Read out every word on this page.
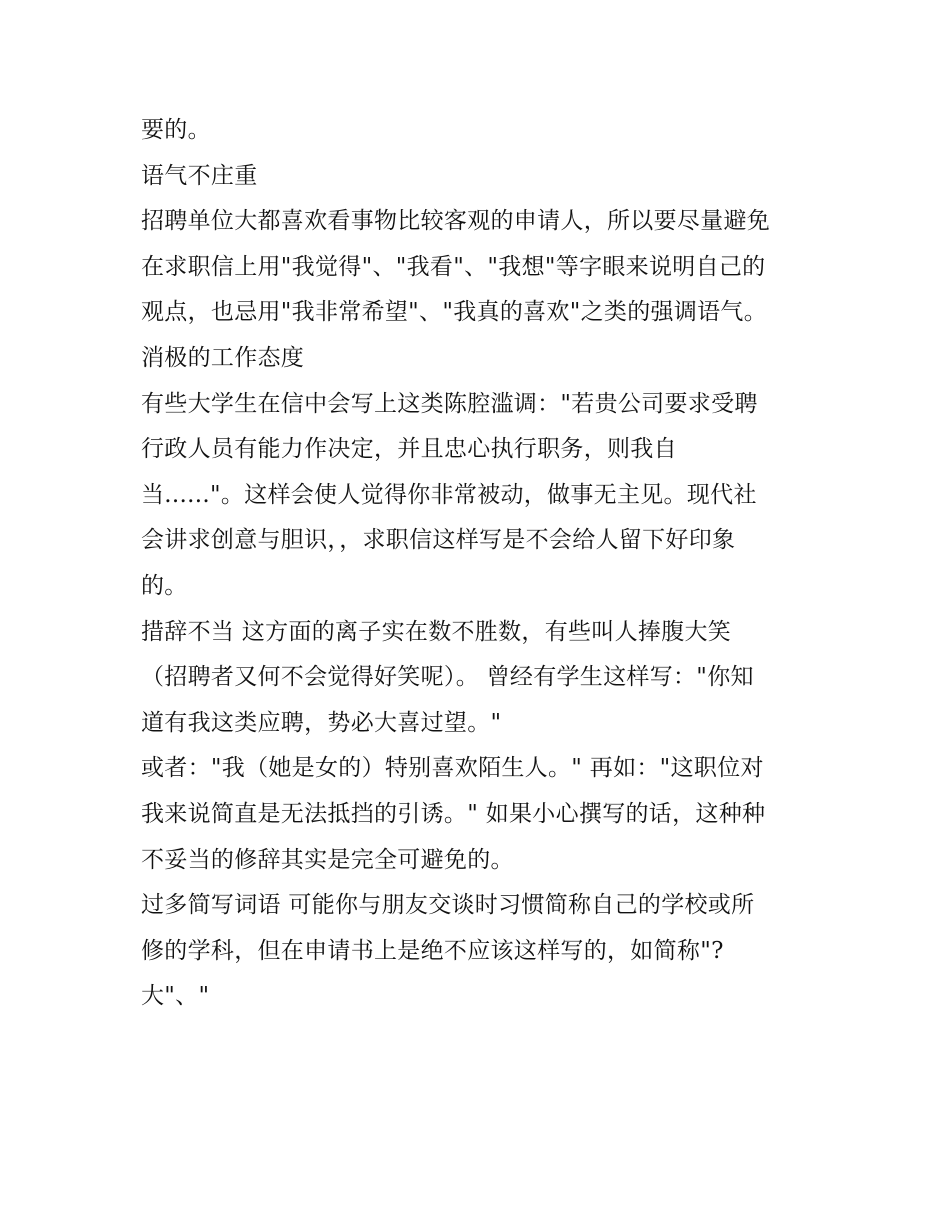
要的。
语气不庄重
招聘单位大都喜欢看事物比较客观的申请人，所以要尽量避免
在求职信上用"我觉得"、"我看"、"我想"等字眼来说明自己的
观点，也忌用"我非常希望"、"我真的喜欢"之类的强调语气。
消极的工作态度
有些大学生在信中会写上这类陈腔滥调："若贵公司要求受聘
行政人员有能力作决定，并且忠心执行职务，则我自
当......"。这样会使人觉得你非常被动，做事无主见。现代社
会讲求创意与胆识，，求职信这样写是不会给人留下好印象
的。
措辞不当 这方面的离子实在数不胜数，有些叫人捧腹大笑
（招聘者又何不会觉得好笑呢）。 曾经有学生这样写："你知
道有我这类应聘，势必大喜过望。"
或者："我（她是女的）特别喜欢陌生人。" 再如："这职位对
我来说简直是无法抵挡的引诱。" 如果小心撰写的话，这种种
不妥当的修辞其实是完全可避免的。
过多简写词语 可能你与朋友交谈时习惯简称自己的学校或所
修的学科，但在申请书上是绝不应该这样写的，如简称"?
大"、"
